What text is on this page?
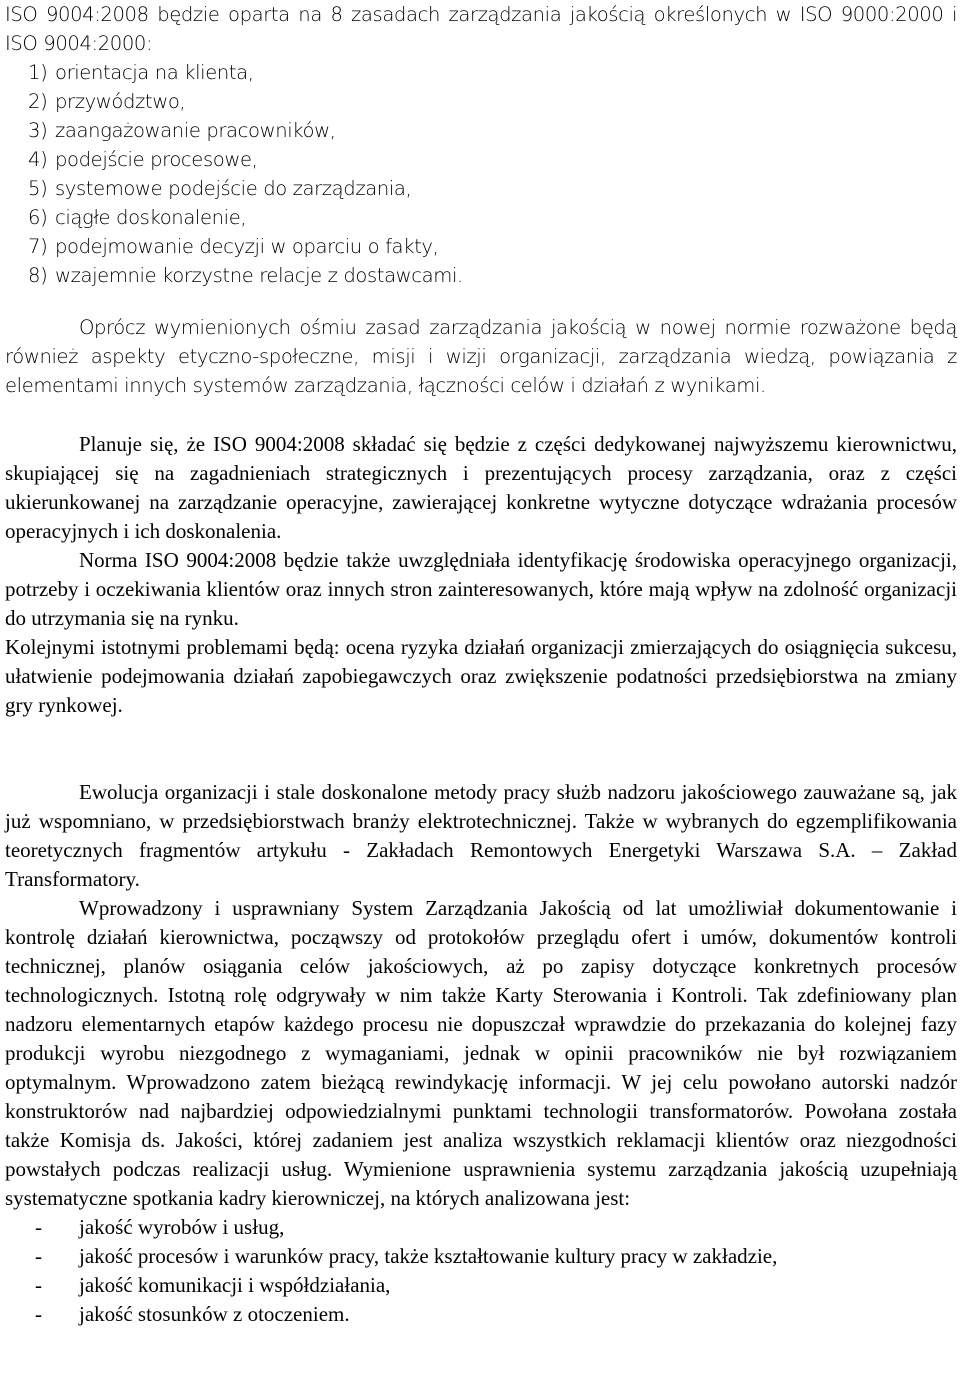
ISO 9004:2008 będzie oparta na 8 zasadach zarządzania jakością określonych w ISO 9000:2000 i ISO 9004:2000:

1) orientacja na klienta,
2) przywództwo,
3) zaangażowanie pracowników,
4) podejście procesowe,
5) systemowe podejście do zarządzania,
6) ciągłe doskonalenie,
7) podejmowanie decyzji w oparciu o fakty,
8) wzajemnie korzystne relacje z dostawcami.

Oprócz wymienionych ośmiu zasad zarządzania jakością w nowej normie rozważone będą również aspekty etyczno-społeczne, misji i wizji organizacji, zarządzania wiedzą, powiązania z elementami innych systemów zarządzania, łączności celów i działań z wynikami.

Planuje się, że ISO 9004:2008 składać się będzie z części dedykowanej najwyższemu kierownictwu, skupiającej się na zagadnieniach strategicznych i prezentujących procesy zarządzania, oraz z części ukierunkowanej na zarządzanie operacyjne, zawierającej konkretne wytyczne dotyczące wdrażania procesów operacyjnych i ich doskonalenia.

Norma ISO 9004:2008 będzie także uwzględniała identyfikację środowiska operacyjnego organizacji, potrzeby i oczekiwania klientów oraz innych stron zainteresowanych, które mają wpływ na zdolność organizacji do utrzymania się na rynku.

Kolejnymi istotnymi problemami będą: ocena ryzyka działań organizacji zmierzających do osiągnięcia sukcesu, ułatwienie podejmowania działań zapobiegawczych oraz zwiększenie podatności przedsiębiorstwa na zmiany gry rynkowej.

Ewolucja organizacji i stale doskonalone metody pracy służb nadzoru jakościowego zauważane są, jak już wspomniano, w przedsiębiorstwach branży elektrotechnicznej. Także w wybranych do egzemplifikowania teoretycznych fragmentów artykułu - Zakładach Remontowych Energetyki Warszawa S.A. – Zakład Transformatory.

Wprowadzony i usprawniany System Zarządzania Jakością od lat umożliwiał dokumentowanie i kontrolę działań kierownictwa, począwszy od protokołów przeglądu ofert i umów, dokumentów kontroli technicznej, planów osiągania celów jakościowych, aż po zapisy dotyczące konkretnych procesów technologicznych. Istotną rolę odgrywały w nim także Karty Sterowania i Kontroli. Tak zdefiniowany plan nadzoru elementarnych etapów każdego procesu nie dopuszczał wprawdzie do przekazania do kolejnej fazy produkcji wyrobu niezgodnego z wymaganiami, jednak w opinii pracowników nie był rozwiązaniem optymalnym. Wprowadzono zatem bieżącą rewindykację informacji. W jej celu powołano autorski nadzór konstruktorów nad najbardziej odpowiedzialnymi punktami technologii transformatorów. Powołana została także Komisja ds. Jakości, której zadaniem jest analiza wszystkich reklamacji klientów oraz niezgodności powstałych podczas realizacji usług. Wymienione usprawnienia systemu zarządzania jakością uzupełniają systematyczne spotkania kadry kierowniczej, na których analizowana jest:

-	jakość wyrobów i usług,
-	jakość procesów i warunków pracy, także kształtowanie kultury pracy w zakładzie,
-	jakość komunikacji i współdziałania,
-	jakość stosunków z otoczeniem.
